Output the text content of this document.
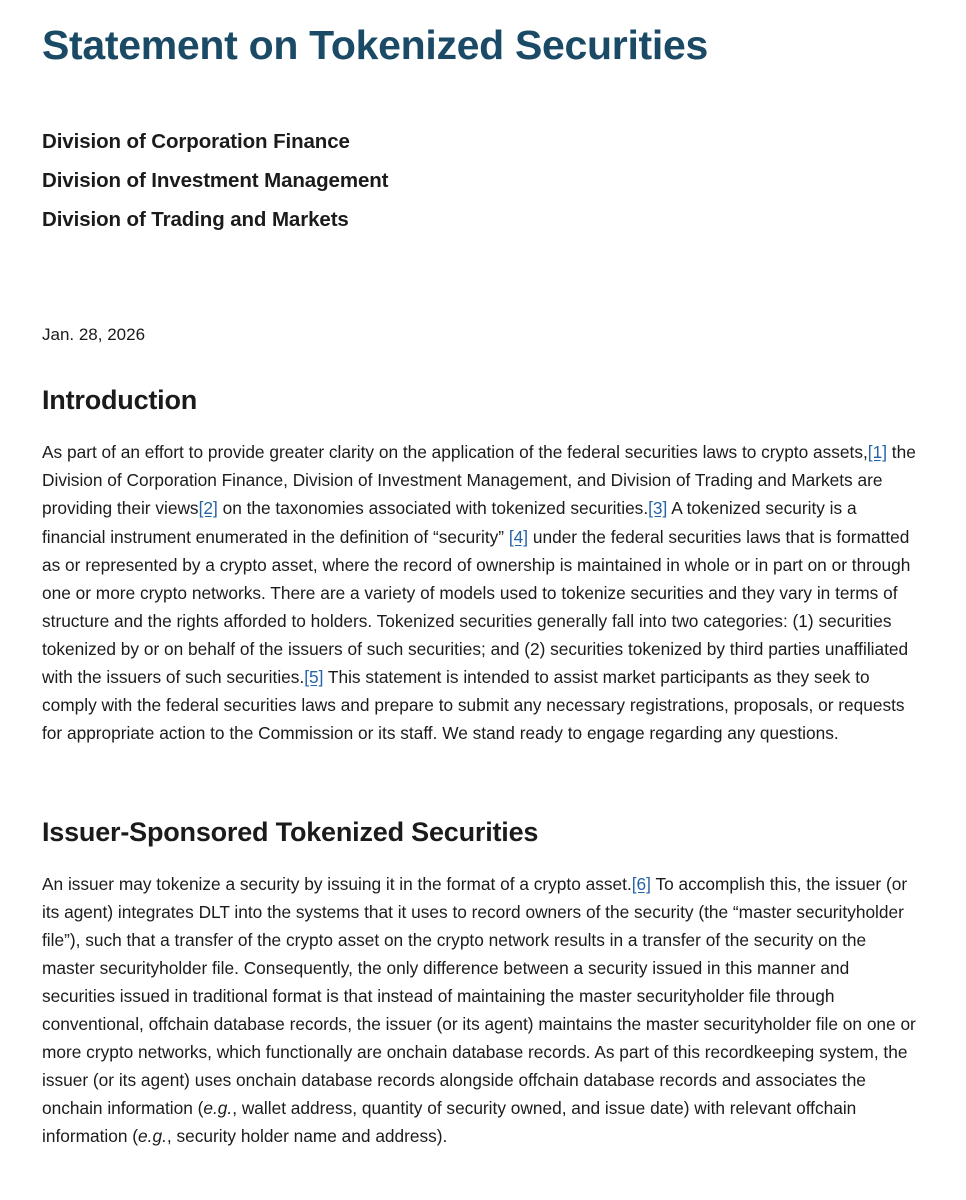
Statement on Tokenized Securities
Division of Corporation Finance
Division of Investment Management
Division of Trading and Markets
Jan. 28, 2026
Introduction

As part of an effort to provide greater clarity on the application of the federal securities laws to crypto assets,[1] the Division of Corporation Finance, Division of Investment Management, and Division of Trading and Markets are providing their views[2] on the taxonomies associated with tokenized securities.[3] A tokenized security is a financial instrument enumerated in the definition of “security” [4] under the federal securities laws that is formatted as or represented by a crypto asset, where the record of ownership is maintained in whole or in part on or through one or more crypto networks. There are a variety of models used to tokenize securities and they vary in terms of structure and the rights afforded to holders. Tokenized securities generally fall into two categories: (1) securities tokenized by or on behalf of the issuers of such securities; and (2) securities tokenized by third parties unaffiliated with the issuers of such securities.[5] This statement is intended to assist market participants as they seek to comply with the federal securities laws and prepare to submit any necessary registrations, proposals, or requests for appropriate action to the Commission or its staff. We stand ready to engage regarding any questions.

Issuer-Sponsored Tokenized Securities

An issuer may tokenize a security by issuing it in the format of a crypto asset.[6] To accomplish this, the issuer (or its agent) integrates DLT into the systems that it uses to record owners of the security (the “master securityholder file”), such that a transfer of the crypto asset on the crypto network results in a transfer of the security on the master securityholder file. Consequently, the only difference between a security issued in this manner and securities issued in traditional format is that instead of maintaining the master securityholder file through conventional, offchain database records, the issuer (or its agent) maintains the master securityholder file on one or more crypto networks, which functionally are onchain database records. As part of this recordkeeping system, the issuer (or its agent) uses onchain database records alongside offchain database records and associates the onchain information (e.g., wallet address, quantity of security owned, and issue date) with relevant offchain information (e.g., security holder name and address).
